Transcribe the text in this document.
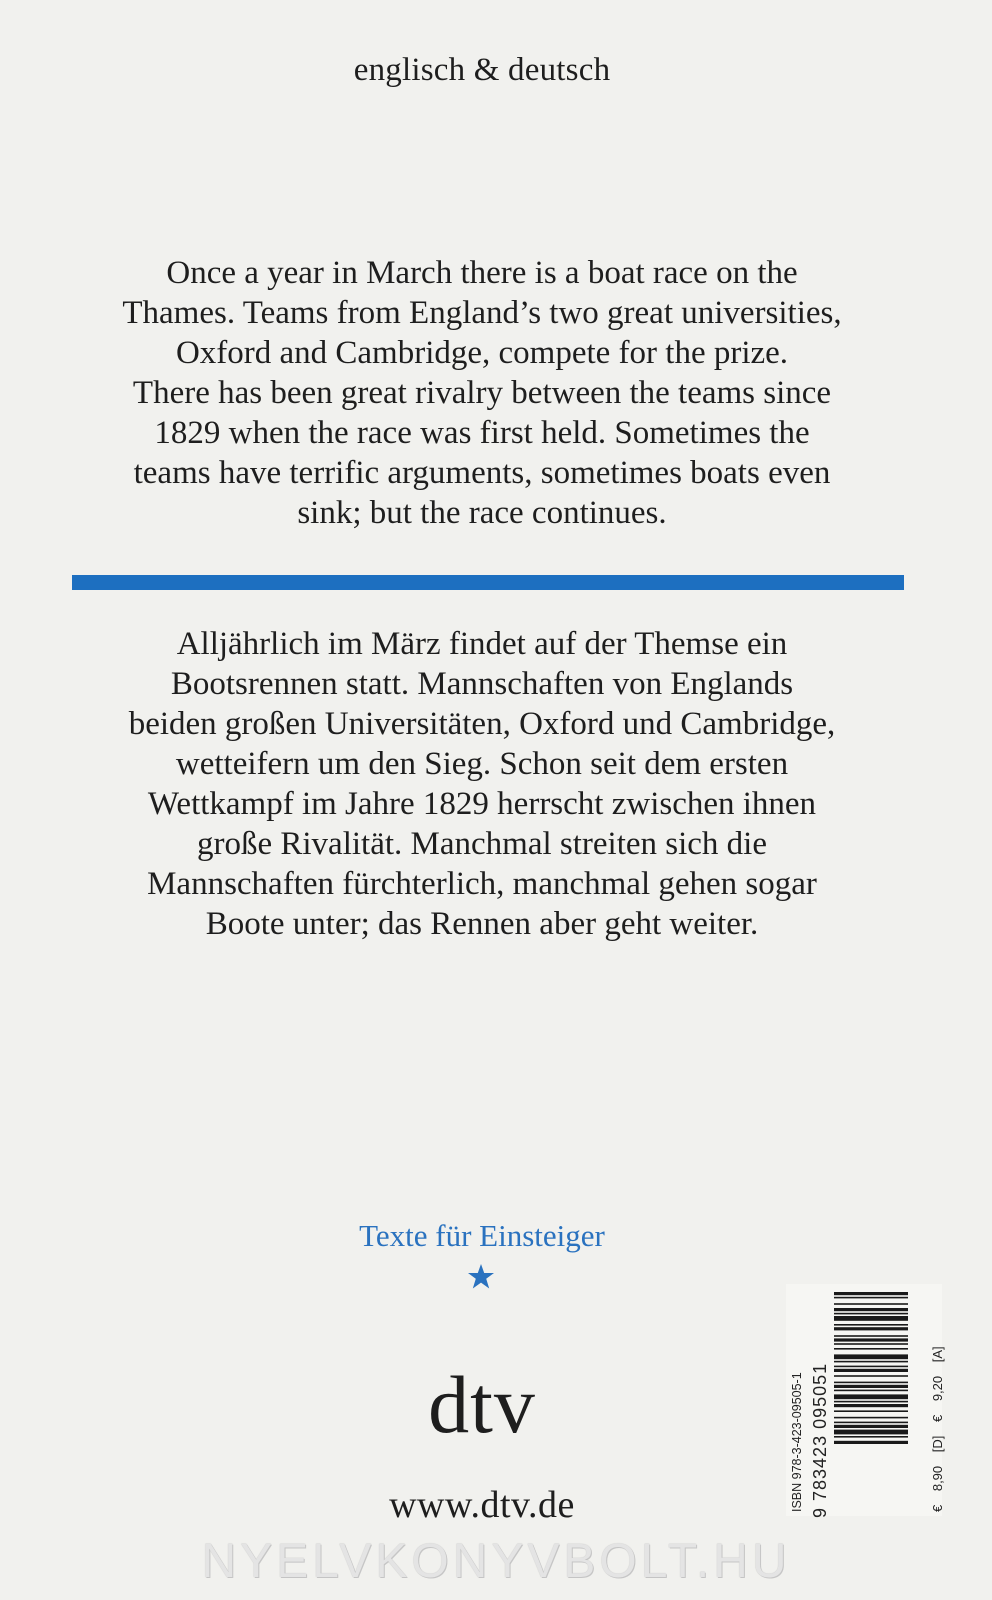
englisch & deutsch
Once a year in March there is a boat race on the
Thames. Teams from England’s two great universities,
Oxford and Cambridge, compete for the prize.
There has been great rivalry between the teams since
1829 when the race was first held. Sometimes the
teams have terrific arguments, sometimes boats even
sink; but the race continues.
Alljährlich im März findet auf der Themse ein
Bootsrennen statt. Mannschaften von Englands
beiden großen Universitäten, Oxford und Cambridge,
wetteifern um den Sieg. Schon seit dem ersten
Wettkampf im Jahre 1829 herrscht zwischen ihnen
große Rivalität. Manchmal streiten sich die
Mannschaften fürchterlich, manchmal gehen sogar
Boote unter; das Rennen aber geht weiter.
Texte für Einsteiger
dtv
www.dtv.de	ISBN 978-3-423-09505-1 9 783423 095051	€ 8,90 [D] € 9,20 [A]
NYELVKONYVBOLT.HU
